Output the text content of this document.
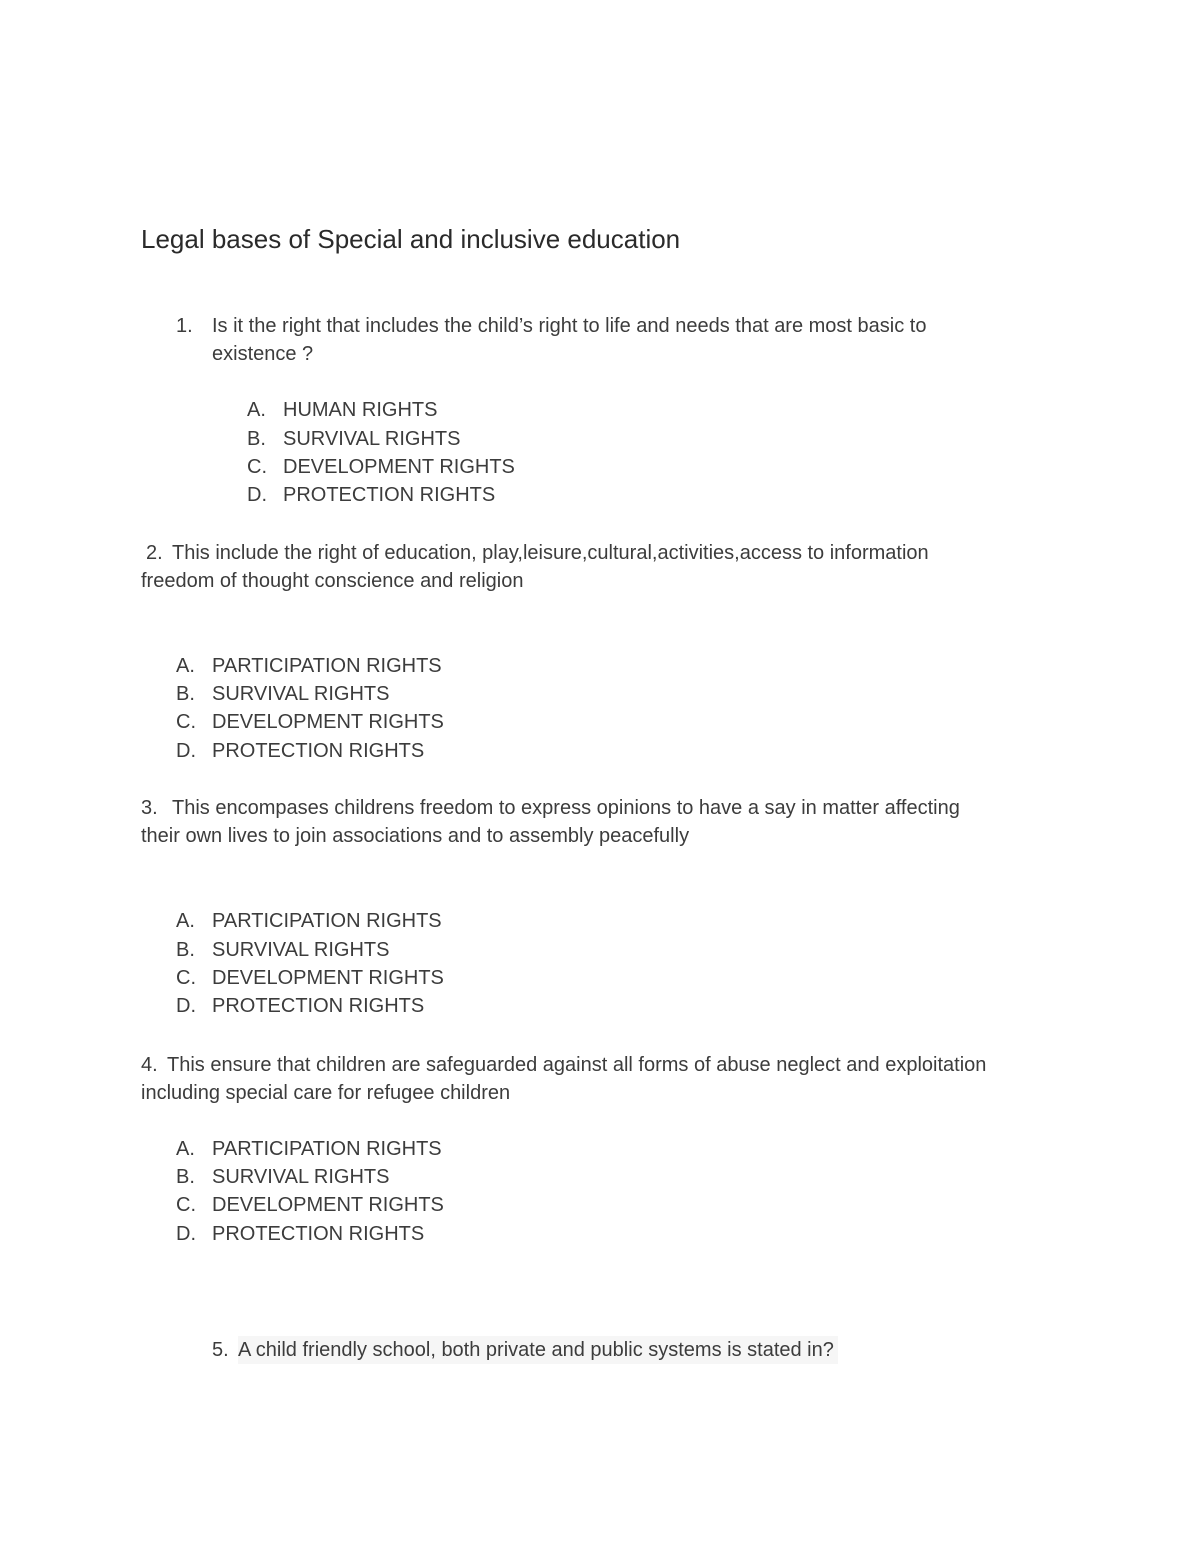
Legal bases of Special and inclusive education
1. Is it the right that includes the child’s right to life and needs that are most basic to
existence ?
A. HUMAN RIGHTS
B. SURVIVAL RIGHTS
C. DEVELOPMENT RIGHTS
D. PROTECTION RIGHTS
2. This include the right of education, play,leisure,cultural,activities,access to information
freedom of thought conscience and religion
A. PARTICIPATION RIGHTS
B. SURVIVAL RIGHTS
C. DEVELOPMENT RIGHTS
D. PROTECTION RIGHTS
3. This encompases childrens freedom to express opinions to have a say in matter affecting
their own lives to join associations and to assembly peacefully
A. PARTICIPATION RIGHTS
B. SURVIVAL RIGHTS
C. DEVELOPMENT RIGHTS
D. PROTECTION RIGHTS
4. This ensure that children are safeguarded against all forms of abuse neglect and exploitation
including special care for refugee children
A. PARTICIPATION RIGHTS
B. SURVIVAL RIGHTS
C. DEVELOPMENT RIGHTS
D. PROTECTION RIGHTS
5. A child friendly school, both private and public systems is stated in?
